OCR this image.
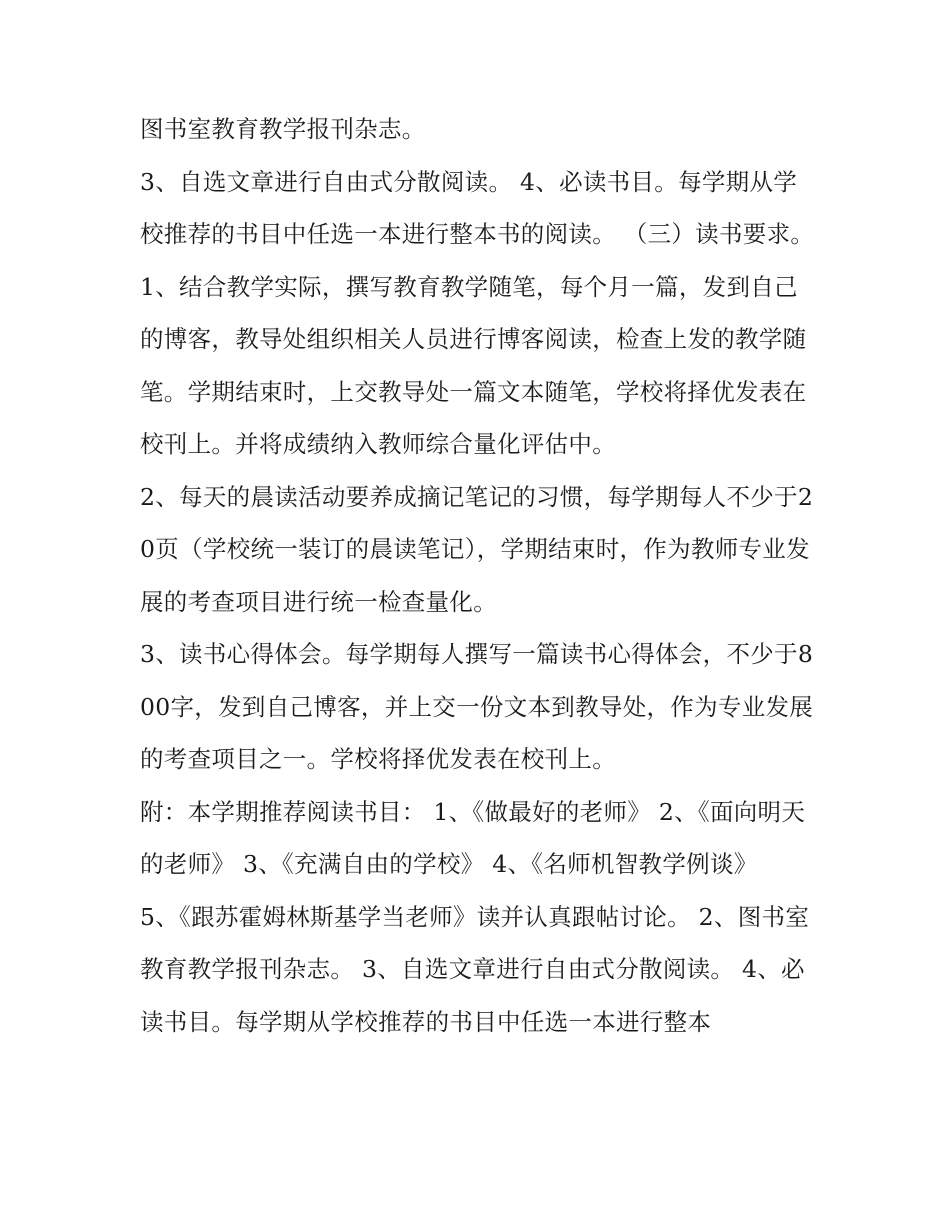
图书室教育教学报刊杂志。

3、自选文章进行自由式分散阅读。 4、必读书目。每学期从学校推荐的书目中任选一本进行整本书的阅读。 （三）读书要求。

1、结合教学实际，撰写教育教学随笔，每个月一篇，发到自己的博客，教导处组织相关人员进行博客阅读，检查上发的教学随笔。学期结束时，上交教导处一篇文本随笔，学校将择优发表在校刊上。并将成绩纳入教师综合量化评估中。

2、每天的晨读活动要养成摘记笔记的习惯，每学期每人不少于20页（学校统一装订的晨读笔记），学期结束时，作为教师专业发展的考查项目进行统一检查量化。

3、读书心得体会。每学期每人撰写一篇读书心得体会，不少于800字，发到自己博客，并上交一份文本到教导处，作为专业发展的考查项目之一。学校将择优发表在校刊上。

附：本学期推荐阅读书目： 1、《做最好的老师》 2、《面向明天的老师》 3、《充满自由的学校》 4、《名师机智教学例谈》

5、《跟苏霍姆林斯基学当老师》读并认真跟帖讨论。 2、图书室教育教学报刊杂志。 3、自选文章进行自由式分散阅读。 4、必读书目。每学期从学校推荐的书目中任选一本进行整本
